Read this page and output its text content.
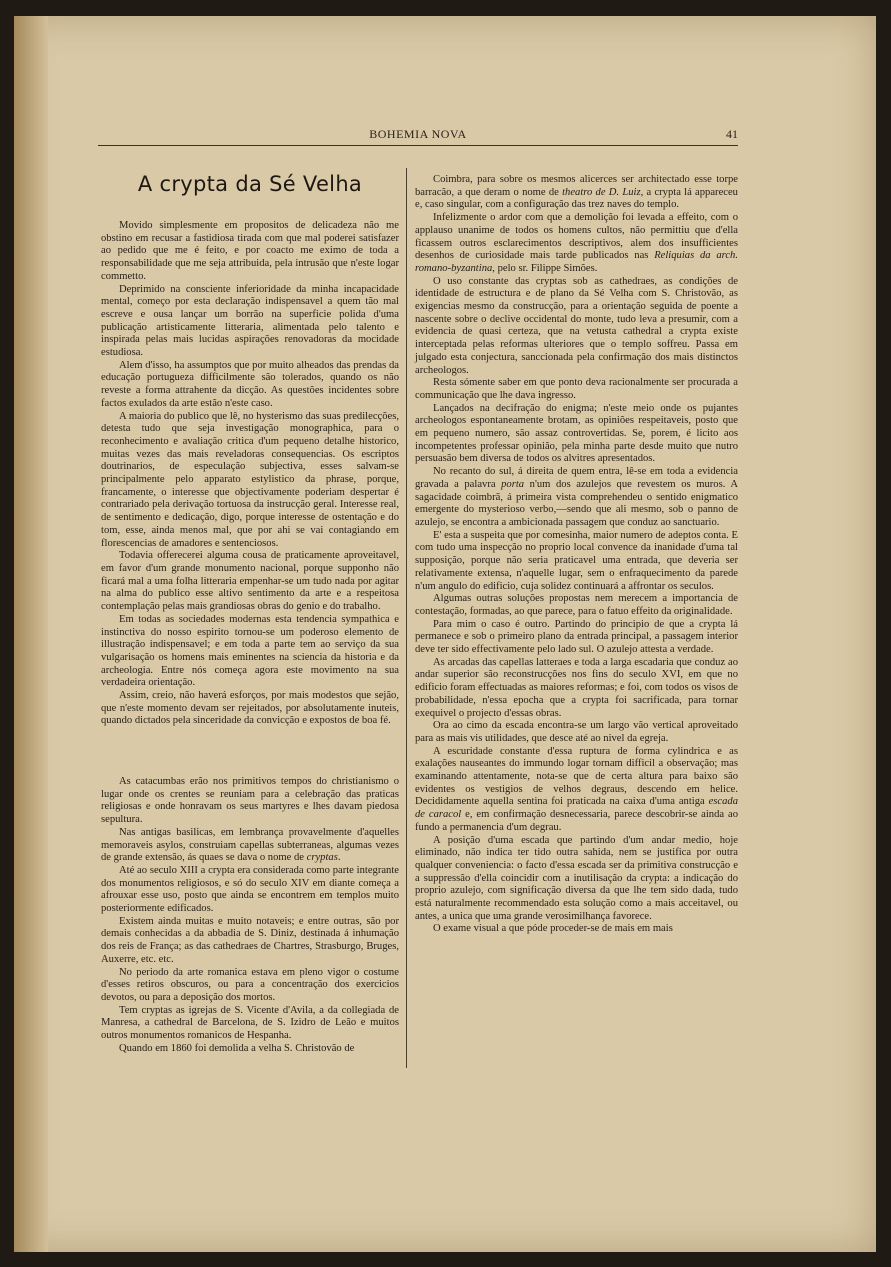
BOHEMIA NOVA	41
A crypta da Sé Velha

Movido simplesmente em propositos de delicadeza não me obstino em recusar a fastidiosa tirada com que mal poderei satisfazer ao pedido que me é feito, e por coacto me eximo de toda a responsabilidade que me seja attribuida, pela intrusão que n'este logar commetto.

Deprimido na consciente inferioridade da minha incapacidade mental, começo por esta declaração indispensavel a quem tão mal escreve e ousa lançar um borrão na superficie polida d'uma publicação artisticamente litteraria, alimentada pelo talento e inspirada pelas mais lucidas aspirações renovadoras da mocidade estudiosa.

Alem d'isso, ha assumptos que por muito alheados das prendas da educação portugueza difficilmente são tolerados, quando os não reveste a forma attrahente da dicção. As questões incidentes sobre factos exulados da arte estão n'este caso.

A maioria do publico que lê, no hysterismo das suas predilecções, detesta tudo que seja investigação monographica, para o reconhecimento e avaliação critica d'um pequeno detalhe historico, muitas vezes das mais reveladoras consequencias. Os escriptos doutrinarios, de especulação subjectiva, esses salvam-se principalmente pelo apparato estylistico da phrase, porque, francamente, o interesse que objectivamente poderiam despertar é contrariado pela derivação tortuosa da instrucção geral. Interesse real, de sentimento e dedicação, digo, porque interesse de ostentação e do tom, esse, ainda menos mal, que por ahi se vai contagiando em florescencias de amadores e sentenciosos.

Todavia offerecerei alguma cousa de praticamente aproveitavel, em favor d'um grande monumento nacional, porque supponho não ficará mal a uma folha litteraria empenhar-se um tudo nada por agitar na alma do publico esse altivo sentimento da arte e a respeitosa contemplação pelas mais grandiosas obras do genio e do trabalho.

Em todas as sociedades modernas esta tendencia sympathica e instinctiva do nosso espirito tornou-se um poderoso elemento de illustração indispensavel; e em toda a parte tem ao serviço da sua vulgarisação os homens mais eminentes na sciencia da historia e da archeologia. Entre nós começa agora este movimento na sua verdadeira orientação.

Assim, creio, não haverá esforços, por mais modestos que sejão, que n'este momento devam ser rejeitados, por absolutamente inuteis, quando dictados pela sinceridade da convicção e expostos de boa fé.

As catacumbas erão nos primitivos tempos do christianismo o lugar onde os crentes se reuniam para a celebração das praticas religiosas e onde honravam os seus martyres e lhes davam piedosa sepultura.

Nas antigas basilicas, em lembrança provavelmente d'aquelles memoraveis asylos, construiam capellas subterraneas, algumas vezes de grande extensão, ás quaes se dava o nome de cryptas.

Até ao seculo XIII a crypta era considerada como parte integrante dos monumentos religiosos, e só do seculo XIV em diante começa a afrouxar esse uso, posto que ainda se encontrem em templos muito posteriormente edificados.

Existem ainda muitas e muito notaveis; e entre outras, são por demais conhecidas a da abbadia de S. Diniz, destinada á inhumação dos reis de França; as das cathedraes de Chartres, Strasburgo, Bruges, Auxerre, etc. etc.

No periodo da arte romanica estava em pleno vigor o costume d'esses retiros obscuros, ou para a concentração dos exercicios devotos, ou para a deposição dos mortos.

Tem cryptas as igrejas de S. Vicente d'Avila, a da collegiada de Manresa, a cathedral de Barcelona, de S. Izidro de Leão e muitos outros monumentos romanicos de Hespanha.

Quando em 1860 foi demolida a velha S. Christovão de

Coimbra, para sobre os mesmos alicerces ser architectado esse torpe barracão, a que deram o nome de theatro de D. Luiz, a crypta lá appareceu e, caso singular, com a configuração das trez naves do templo.

Infelizmente o ardor com que a demolição foi levada a effeito, com o applauso unanime de todos os homens cultos, não permittiu que d'ella ficassem outros esclarecimentos descriptivos, alem dos insufficientes desenhos de curiosidade mais tarde publicados nas Reliquias da arch. romano-byzantina, pelo sr. Filippe Simões.

O uso constante das cryptas sob as cathedraes, as condições de identidade de estructura e de plano da Sé Velha com S. Christovão, as exigencias mesmo da construcção, para a orientação seguida de poente a nascente sobre o declive occidental do monte, tudo leva a presumir, com a evidencia de quasi certeza, que na vetusta cathedral a crypta existe interceptada pelas reformas ulteriores que o templo soffreu. Passa em julgado esta conjectura, sanccionada pela confirmação dos mais distinctos archeologos.

Resta sómente saber em que ponto deva racionalmente ser procurada a communicação que lhe dava ingresso.

Lançados na decifração do enigma; n'este meio onde os pujantes archeologos espontaneamente brotam, as opiniões respeitaveis, posto que em pequeno numero, são assaz controvertidas. Se, porem, é licito aos incompetentes professar opinião, pela minha parte desde muito que nutro persuasão bem diversa de todos os alvitres apresentados.

No recanto do sul, á direita de quem entra, lê-se em toda a evidencia gravada a palavra porta n'um dos azulejos que revestem os muros. A sagacidade coimbrã, á primeira vista comprehendeu o sentido enigmatico emergente do mysterioso verbo,—sendo que ali mesmo, sob o panno de azulejo, se encontra a ambicionada passagem que conduz ao sanctuario.

E' esta a suspeita que por comesinha, maior numero de adeptos conta. E com tudo uma inspecção no proprio local convence da inanidade d'uma tal supposição, porque não seria praticavel uma entrada, que deveria ser relativamente extensa, n'aquelle lugar, sem o enfraquecimento da parede n'um angulo do edificio, cuja solidez continuará a affrontar os seculos.

Algumas outras soluções propostas nem merecem a importancia de contestação, formadas, ao que parece, para o fatuo effeito da originalidade.

Para mim o caso é outro. Partindo do principio de que a crypta lá permanece e sob o primeiro plano da entrada principal, a passagem interior deve ter sido effectivamente pelo lado sul. O azulejo attesta a verdade.

As arcadas das capellas latteraes e toda a larga escadaria que conduz ao andar superior são reconstrucções nos fins do seculo XVI, em que no edificio foram effectuadas as maiores reformas; e foi, com todos os visos de probabilidade, n'essa epocha que a crypta foi sacrificada, para tornar exequivel o projecto d'essas obras.

Ora ao cimo da escada encontra-se um largo vão vertical aproveitado para as mais vis utilidades, que desce até ao nivel da egreja.

A escuridade constante d'essa ruptura de forma cylindrica e as exalações nauseantes do immundo logar tornam difficil a observação; mas examinando attentamente, nota-se que de certa altura para baixo são evidentes os vestigios de velhos degraus, descendo em helice. Decididamente aquella sentina foi praticada na caixa d'uma antiga escada de caracol e, em confirmação desnecessaria, parece descobrir-se ainda ao fundo a permanencia d'um degrau.

A posição d'uma escada que partindo d'um andar medio, hoje eliminado, não indica ter tido outra sahida, nem se justifica por outra qualquer conveniencia: o facto d'essa escada ser da primitiva construcção e a suppressão d'ella coincidir com a inutilisação da crypta: a indicação do proprio azulejo, com significação diversa da que lhe tem sido dada, tudo está naturalmente recommendado esta solução como a mais acceitavel, ou antes, a unica que uma grande verosimilhança favorece.

O exame visual a que póde proceder-se de mais em mais
